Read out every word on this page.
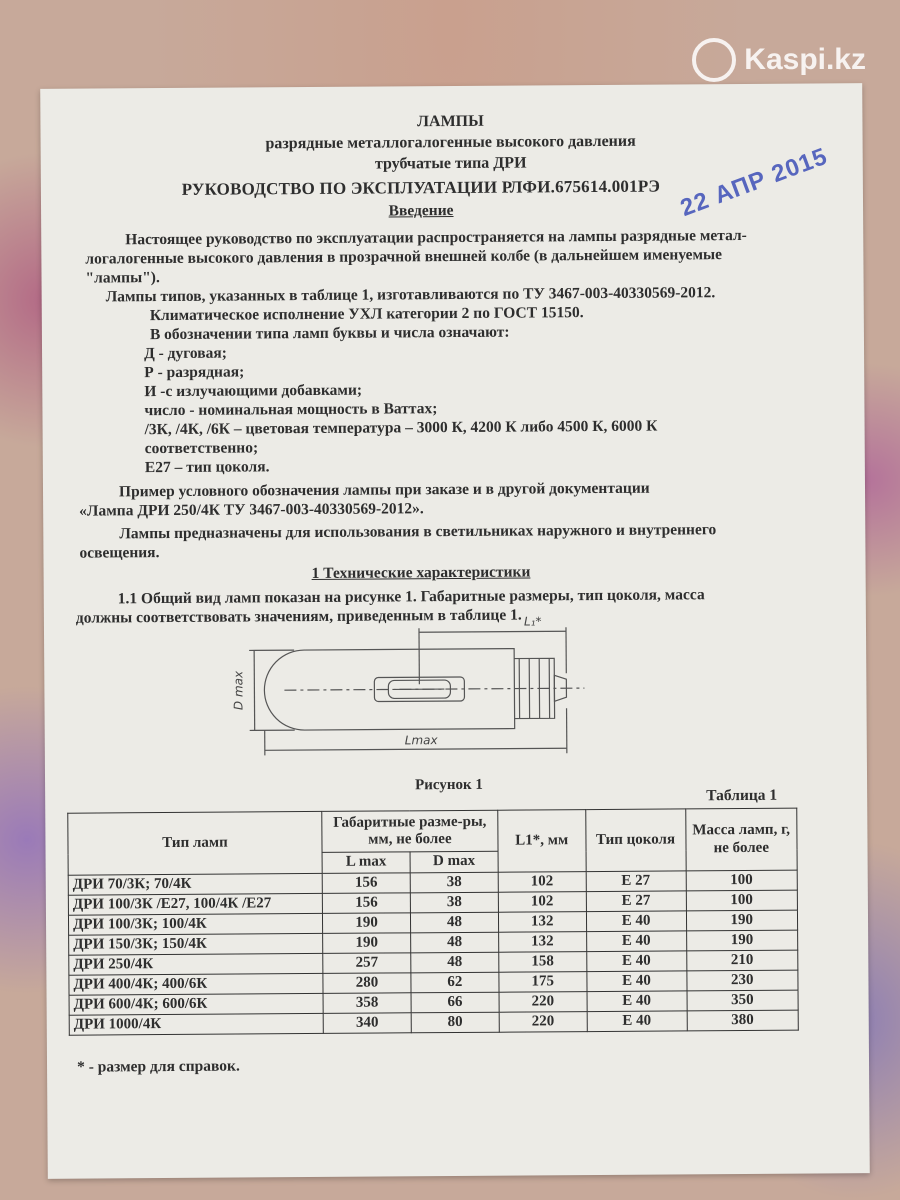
Kaspi.kz
ЛАМПЫ
разрядные металлогалогенные высокого давления
трубчатые типа ДРИ
РУКОВОДСТВО ПО ЭКСПЛУАТАЦИИ РЛФИ.675614.001РЭ 22 АПР 2015
Введение
Настоящее руководство по эксплуатации распространяется на лампы разрядные метал-
логалогенные высокого давления в прозрачной внешней колбе (в дальнейшем именуемые
"лампы").
Лампы типов, указанных в таблице 1, изготавливаются по ТУ 3467-003-40330569-2012.
Климатическое исполнение УХЛ категории 2 по ГОСТ 15150.
В обозначении типа ламп буквы и числа означают:
Д - дуговая;
Р - разрядная;
И -с излучающими добавками;
число - номинальная мощность в Ваттах;
/3К, /4К, /6К – цветовая температура – 3000 К, 4200 К либо 4500 К, 6000 К
соответственно;
Е27 – тип цоколя.
Пример условного обозначения лампы при заказе и в другой документации
«Лампа ДРИ 250/4К ТУ 3467-003-40330569-2012».
Лампы предназначены для использования в светильниках наружного и внутреннего
освещения.
1 Технические характеристики
1.1 Общий вид ламп показан на рисунке 1. Габаритные размеры, тип цоколя, масса
должны соответствовать значениям, приведенным в таблице 1. L₁*
Lmax
D max
Рисунок 1
Таблица 1
Тип ламп	Габаритные разме-ры, мм, не более		L1*, мм	Тип цоколя	Масса ламп, г, не более
	L max	D max			
ДРИ 70/3К; 70/4К	156	38	102	Е 27	100
ДРИ 100/3К /Е27, 100/4К /Е27	156	38	102	Е 27	100
ДРИ 100/3К; 100/4К	190	48	132	Е 40	190
ДРИ 150/3К; 150/4К	190	48	132	Е 40	190
ДРИ 250/4К	257	48	158	Е 40	210
ДРИ 400/4К; 400/6К	280	62	175	Е 40	230
ДРИ 600/4К; 600/6К	358	66	220	Е 40	350
ДРИ 1000/4К	340	80	220	Е 40	380
* - размер для справок.
